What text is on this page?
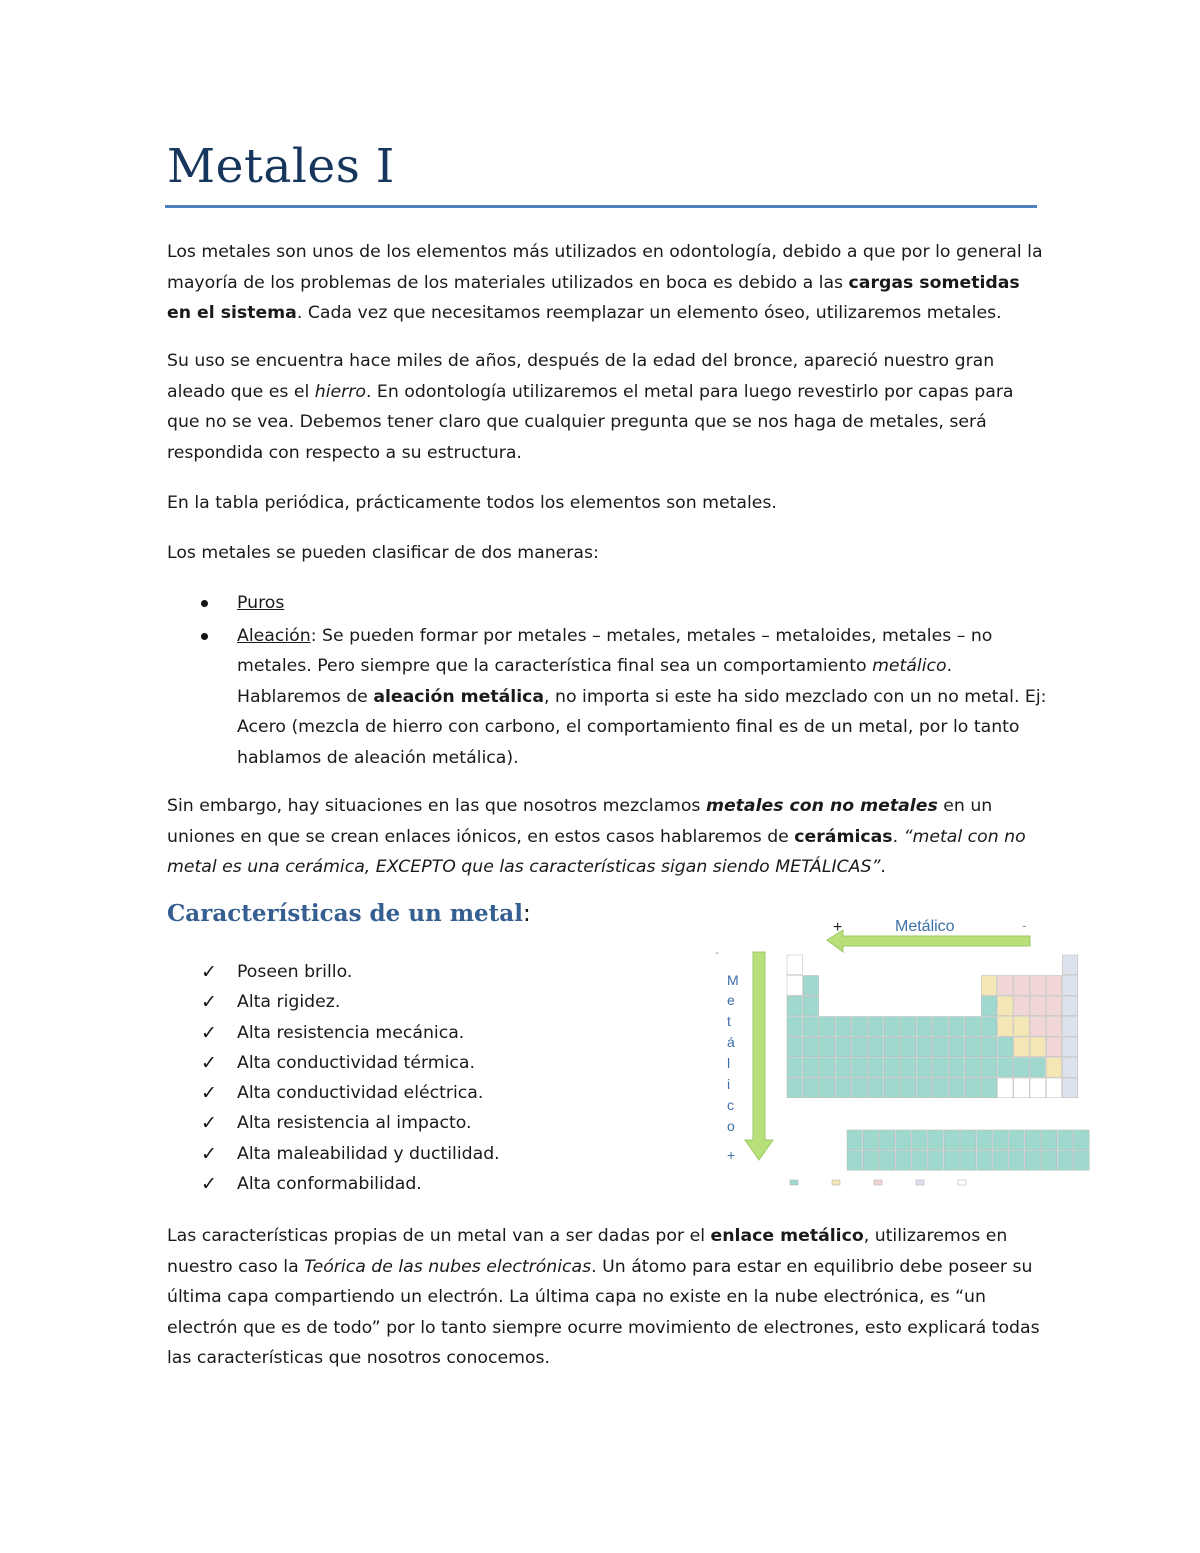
Metales I

Los metales son unos de los elementos más utilizados en odontología, debido a que por lo general la mayoría de los problemas de los materiales utilizados en boca es debido a las cargas sometidas en el sistema. Cada vez que necesitamos reemplazar un elemento óseo, utilizaremos metales.

Su uso se encuentra hace miles de años, después de la edad del bronce, apareció nuestro gran aleado que es el hierro. En odontología utilizaremos el metal para luego revestirlo por capas para que no se vea. Debemos tener claro que cualquier pregunta que se nos haga de metales, será respondida con respecto a su estructura.

En la tabla periódica, prácticamente todos los elementos son metales.

Los metales se pueden clasificar de dos maneras:

Puros
Aleación: Se pueden formar por metales – metales, metales – metaloides, metales – no metales. Pero siempre que la característica final sea un comportamiento metálico. Hablaremos de aleación metálica, no importa si este ha sido mezclado con un no metal. Ej: Acero (mezcla de hierro con carbono, el comportamiento final es de un metal, por lo tanto hablamos de aleación metálica).

Sin embargo, hay situaciones en las que nosotros mezclamos metales con no metales en un uniones en que se crean enlaces iónicos, en estos casos hablaremos de cerámicas. “metal con no metal es una cerámica, EXCEPTO que las características sigan siendo METÁLICAS”.

Características de un metal:
✓ Poseen brillo.
✓ Alta rigidez.
✓ Alta resistencia mecánica.
✓ Alta conductividad térmica.
✓ Alta conductividad eléctrica.
✓ Alta resistencia al impacto.
✓ Alta maleabilidad y ductilidad.
✓ Alta conformabilidad.
+	Metálico	-
-
M
e
t
á
l
i
c
o
+

Las características propias de un metal van a ser dadas por el enlace metálico, utilizaremos en nuestro caso la Teórica de las nubes electrónicas. Un átomo para estar en equilibrio debe poseer su última capa compartiendo un electrón. La última capa no existe en la nube electrónica, es “un electrón que es de todo” por lo tanto siempre ocurre movimiento de electrones, esto explicará todas las características que nosotros conocemos.
